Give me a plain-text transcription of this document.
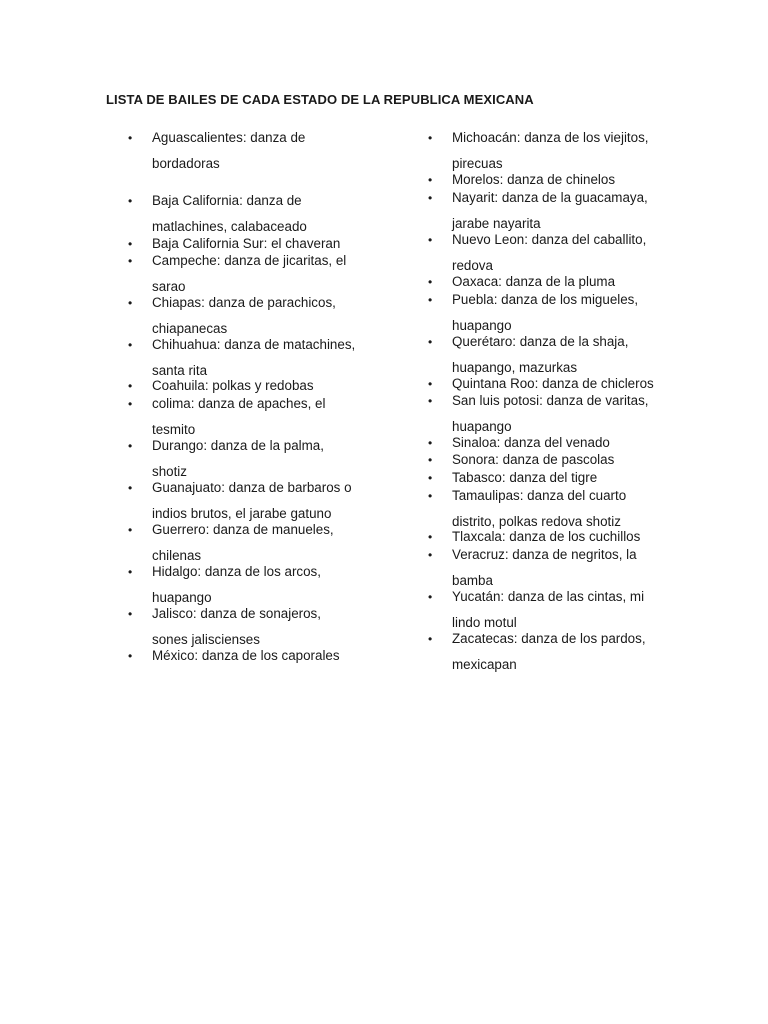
LISTA DE BAILES DE CADA ESTADO DE LA REPUBLICA MEXICANA
• Aguascalientes: danza de
bordadoras
• Baja California: danza de
matlachines, calabaceado
• Baja California Sur: el chaveran
• Campeche: danza de jicaritas, el
sarao
• Chiapas: danza de parachicos,
chiapanecas
• Chihuahua: danza de matachines,
santa rita
• Coahuila: polkas y redobas
• colima: danza de apaches, el
tesmito
• Durango: danza de la palma,
shotiz
• Guanajuato: danza de barbaros o
indios brutos, el jarabe gatuno
• Guerrero: danza de manueles,
chilenas
• Hidalgo: danza de los arcos,
huapango
• Jalisco: danza de sonajeros,
sones jaliscienses
• México: danza de los caporales
• Michoacán: danza de los viejitos,
pirecuas
• Morelos: danza de chinelos
• Nayarit: danza de la guacamaya,
jarabe nayarita
• Nuevo Leon: danza del caballito,
redova
• Oaxaca: danza de la pluma
• Puebla: danza de los migueles,
huapango
• Querétaro: danza de la shaja,
huapango, mazurkas
• Quintana Roo: danza de chicleros
• San luis potosi: danza de varitas,
huapango
• Sinaloa: danza del venado
• Sonora: danza de pascolas
• Tabasco: danza del tigre
• Tamaulipas: danza del cuarto
distrito, polkas redova shotiz
• Tlaxcala: danza de los cuchillos
• Veracruz: danza de negritos, la
bamba
• Yucatán: danza de las cintas, mi
lindo motul
• Zacatecas: danza de los pardos,
mexicapan
